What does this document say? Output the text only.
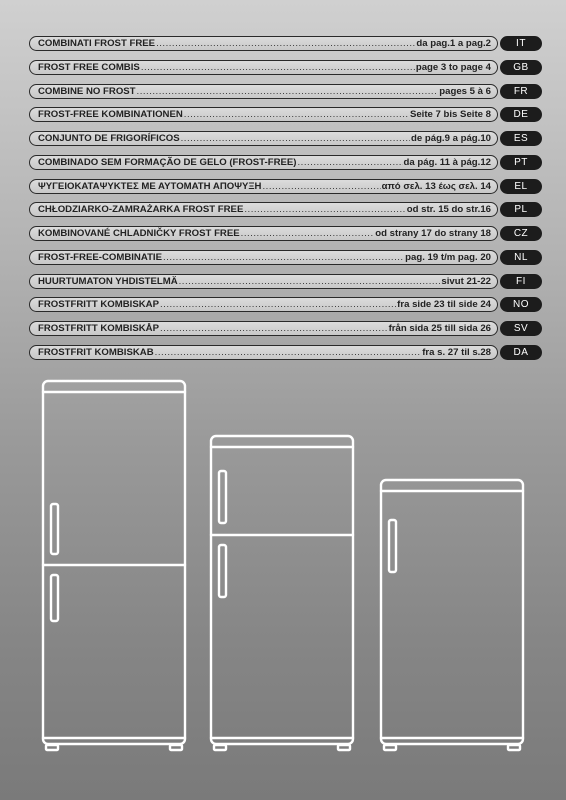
COMBINATI FROST FREE .....	da pag.1 a pag.2	IT
FROST FREE COMBIS .....	page 3 to page 4	GB
COMBINE NO FROST .....	pages 5 à 6	FR
FROST-FREE KOMBINATIONEN .....	Seite 7 bis Seite 8	DE
CONJUNTO DE FRIGORÍFICOS .....	de pág.9 a pág.10	ES
COMBINADO SEM FORMAÇÃO DE GELO (FROST-FREE) .....	da pág. 11 à pág.12	PT
ΨΥΓΕΙΟΚΑΤΑΨΥΚΤΕΣ ΜΕ ΑΥΤΟΜΑΤΗ ΑΠΟΨΥΞΗ .....	από σελ. 13 έως σελ. 14	EL
CHŁODZIARKO-ZAMRAŻARKA FROST FREE .....	od str. 15 do str.16	PL
KOMBINOVANÉ CHLADNIČKY FROST FREE .....	od strany 17 do strany 18	CZ
FROST-FREE-COMBINATIE .....	pag. 19 t/m pag. 20	NL
HUURTUMATON YHDISTELMÄ .....	sivut 21-22	FI
FROSTFRITT KOMBISKAP .....	fra side 23 til side 24	NO
FROSTFRITT KOMBISKÅP .....	från sida 25 till sida 26	SV
FROSTFRIT KOMBISKAB .....	fra s. 27 til s.28	DA
